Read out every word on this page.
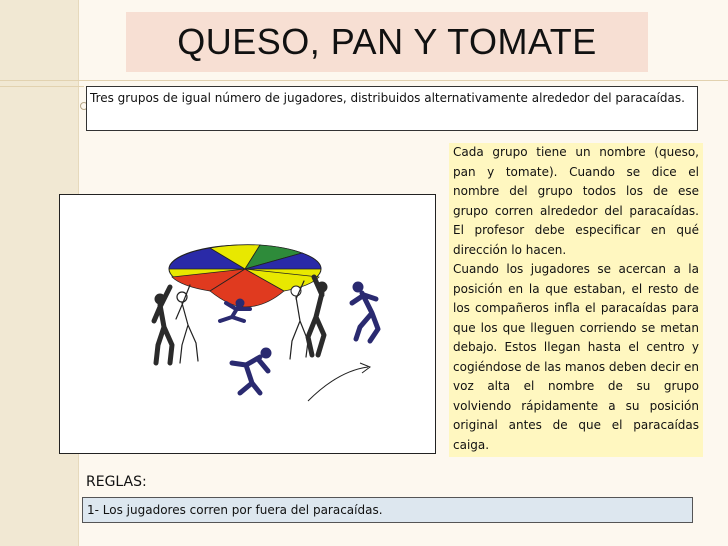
QUESO, PAN Y TOMATE
Tres grupos de igual número de jugadores, distribuidos alternativamente alrededor del paracaídas.

Cada grupo tiene un nombre (queso, pan y tomate). Cuando se dice el nombre del grupo todos los de ese grupo corren alrededor del paracaídas. El profesor debe especificar en qué dirección lo hacen.

Cuando los jugadores se acercan a la posición en la que estaban, el resto de los compañeros infla el paracaídas para que los que lleguen corriendo se metan debajo. Estos llegan hasta el centro y cogiéndose de las manos deben decir en voz alta el nombre de su grupo volviendo rápidamente a su posición original antes de que el paracaídas caiga.

REGLAS:
1- Los jugadores corren por fuera del paracaídas.
